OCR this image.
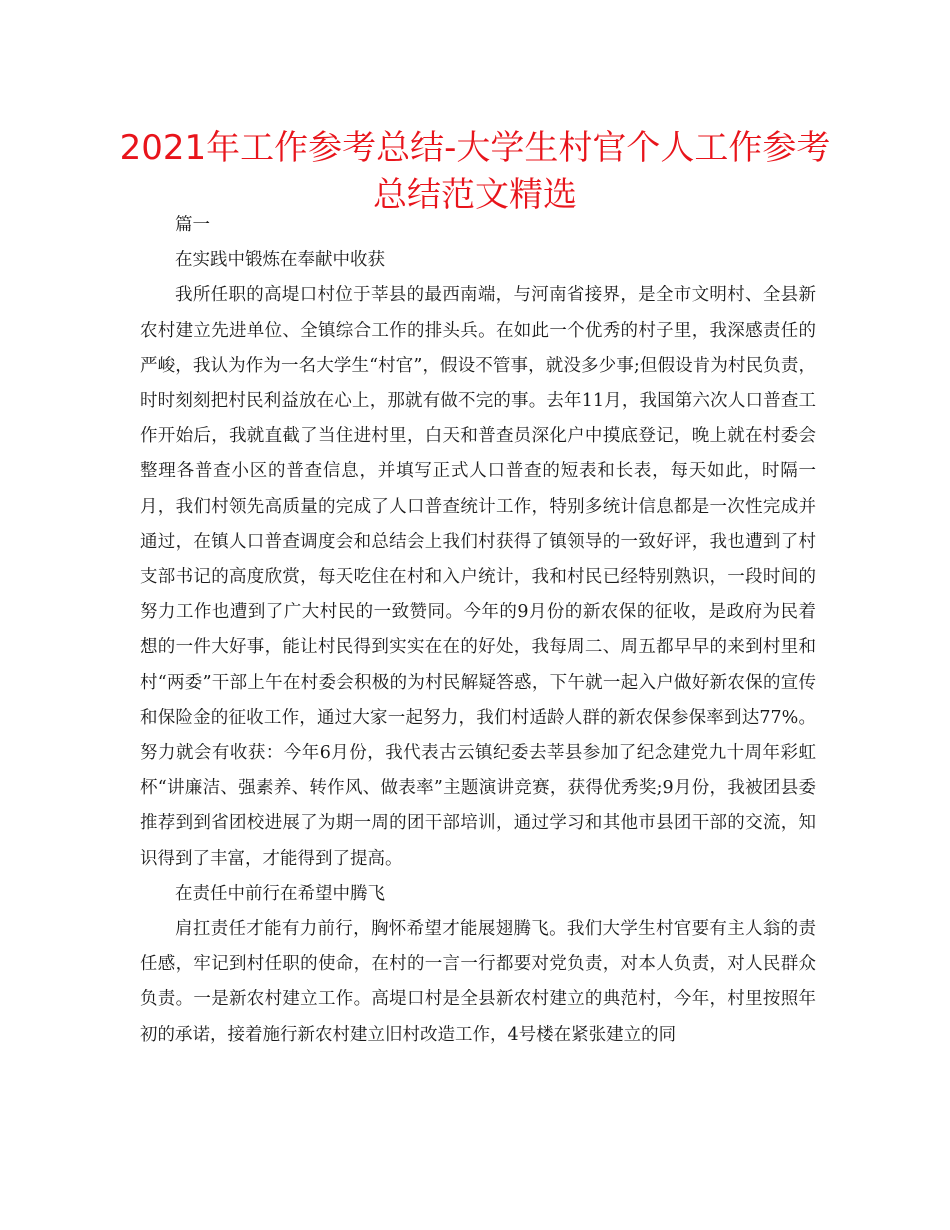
2021年工作参考总结-大学生村官个人工作参考
总结范文精选

篇一

在实践中锻炼在奉献中收获

我所任职的高堤口村位于莘县的最西南端，与河南省接界，是全市文明村、全县新农村建立先进单位、全镇综合工作的排头兵。在如此一个优秀的村子里，我深感责任的严峻，我认为作为一名大学生“村官”，假设不管事，就没多少事;但假设肯为村民负责，时时刻刻把村民利益放在心上，那就有做不完的事。去年11月，我国第六次人口普查工作开始后，我就直截了当住进村里，白天和普查员深化户中摸底登记，晚上就在村委会整理各普查小区的普查信息，并填写正式人口普查的短表和长表，每天如此，时隔一月，我们村领先高质量的完成了人口普查统计工作，特别多统计信息都是一次性完成并通过，在镇人口普查调度会和总结会上我们村获得了镇领导的一致好评，我也遭到了村支部书记的高度欣赏，每天吃住在村和入户统计，我和村民已经特别熟识，一段时间的努力工作也遭到了广大村民的一致赞同。今年的9月份的新农保的征收，是政府为民着想的一件大好事，能让村民得到实实在在的好处，我每周二、周五都早早的来到村里和村“两委”干部上午在村委会积极的为村民解疑答惑，下午就一起入户做好新农保的宣传和保险金的征收工作，通过大家一起努力，我们村适龄人群的新农保参保率到达77%。努力就会有收获：今年6月份，我代表古云镇纪委去莘县参加了纪念建党九十周年彩虹杯“讲廉洁、强素养、转作风、做表率”主题演讲竞赛，获得优秀奖;9月份，我被团县委推荐到到省团校进展了为期一周的团干部培训，通过学习和其他市县团干部的交流，知识得到了丰富，才能得到了提高。

在责任中前行在希望中腾飞

肩扛责任才能有力前行，胸怀希望才能展翅腾飞。我们大学生村官要有主人翁的责任感，牢记到村任职的使命，在村的一言一行都要对党负责，对本人负责，对人民群众负责。一是新农村建立工作。高堤口村是全县新农村建立的典范村，今年，村里按照年初的承诺，接着施行新农村建立旧村改造工作，4号楼在紧张建立的同
